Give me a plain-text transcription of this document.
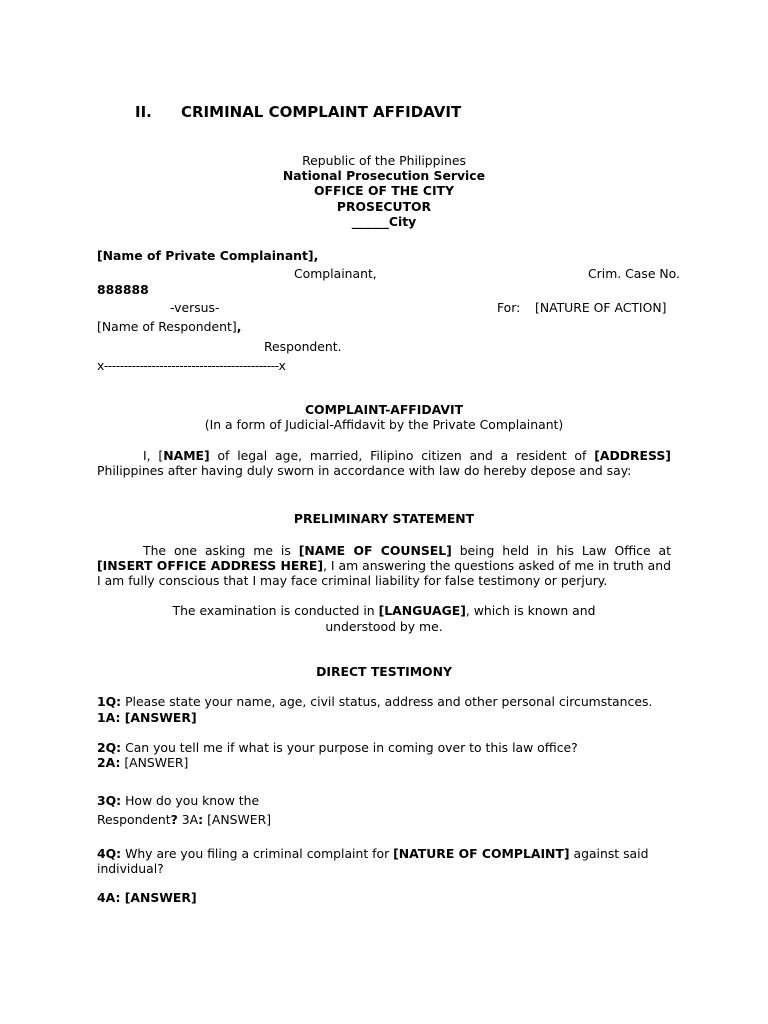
II. CRIMINAL COMPLAINT AFFIDAVIT
Republic of the Philippines
National Prosecution Service
OFFICE OF THE CITY
PROSECUTOR
______City
[Name of Private Complainant],
Complainant,	Crim. Case No.
888888
-versus-	For: [NATURE OF ACTION]
[Name of Respondent],
Respondent.
x--------------------------------------------x
COMPLAINT-AFFIDAVIT
(In a form of Judicial-Affidavit by the Private Complainant)
I, [NAME] of legal age, married, Filipino citizen and a resident of [ADDRESS] Philippines after having duly sworn in accordance with law do hereby depose and say:
PRELIMINARY STATEMENT
The one asking me is [NAME OF COUNSEL] being held in his Law Office at [INSERT OFFICE ADDRESS HERE], I am answering the questions asked of me in truth and I am fully conscious that I may face criminal liability for false testimony or perjury.
The examination is conducted in [LANGUAGE], which is known and
understood by me.
DIRECT TESTIMONY
1Q: Please state your name, age, civil status, address and other personal circumstances.
1A: [ANSWER]
2Q: Can you tell me if what is your purpose in coming over to this law office?
2A: [ANSWER]
3Q: How do you know the
Respondent? 3A: [ANSWER]
4Q: Why are you filing a criminal complaint for [NATURE OF COMPLAINT] against said individual?
4A: [ANSWER]
